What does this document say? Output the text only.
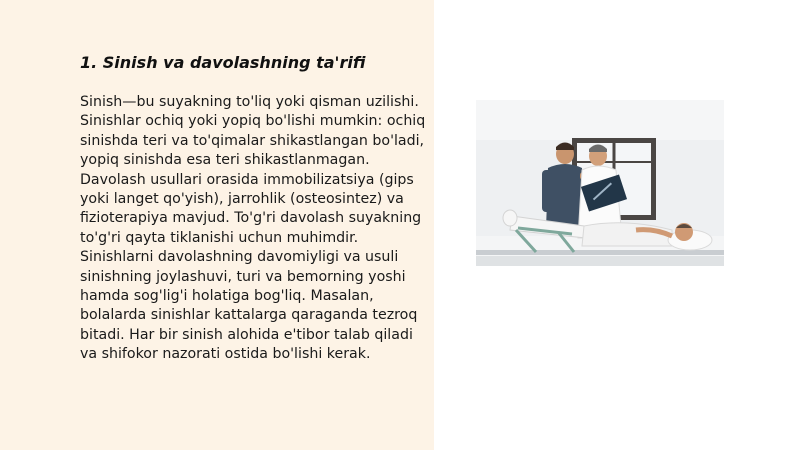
1. Sinish va davolashning ta'rifi

Sinish—bu suyakning to'liq yoki qisman uzilishi. Sinishlar ochiq yoki yopiq bo'lishi mumkin: ochiq sinishda teri va to'qimalar shikastlangan bo'ladi, yopiq sinishda esa teri shikastlanmagan. Davolash usullari orasida immobilizatsiya (gips yoki langet qo'yish), jarrohlik (osteosintez) va fizioterapiya mavjud. To'g'ri davolash suyakning to'g'ri qayta tiklanishi uchun muhimdir. Sinishlarni davolashning davomiyligi va usuli sinishning joylashuvi, turi va bemorning yoshi hamda sog'lig'i holatiga bog'liq. Masalan, bolalarda sinishlar kattalarga qaraganda tezroq bitadi. Har bir sinish alohida e'tibor talab qiladi va shifokor nazorati ostida bo'lishi kerak.
